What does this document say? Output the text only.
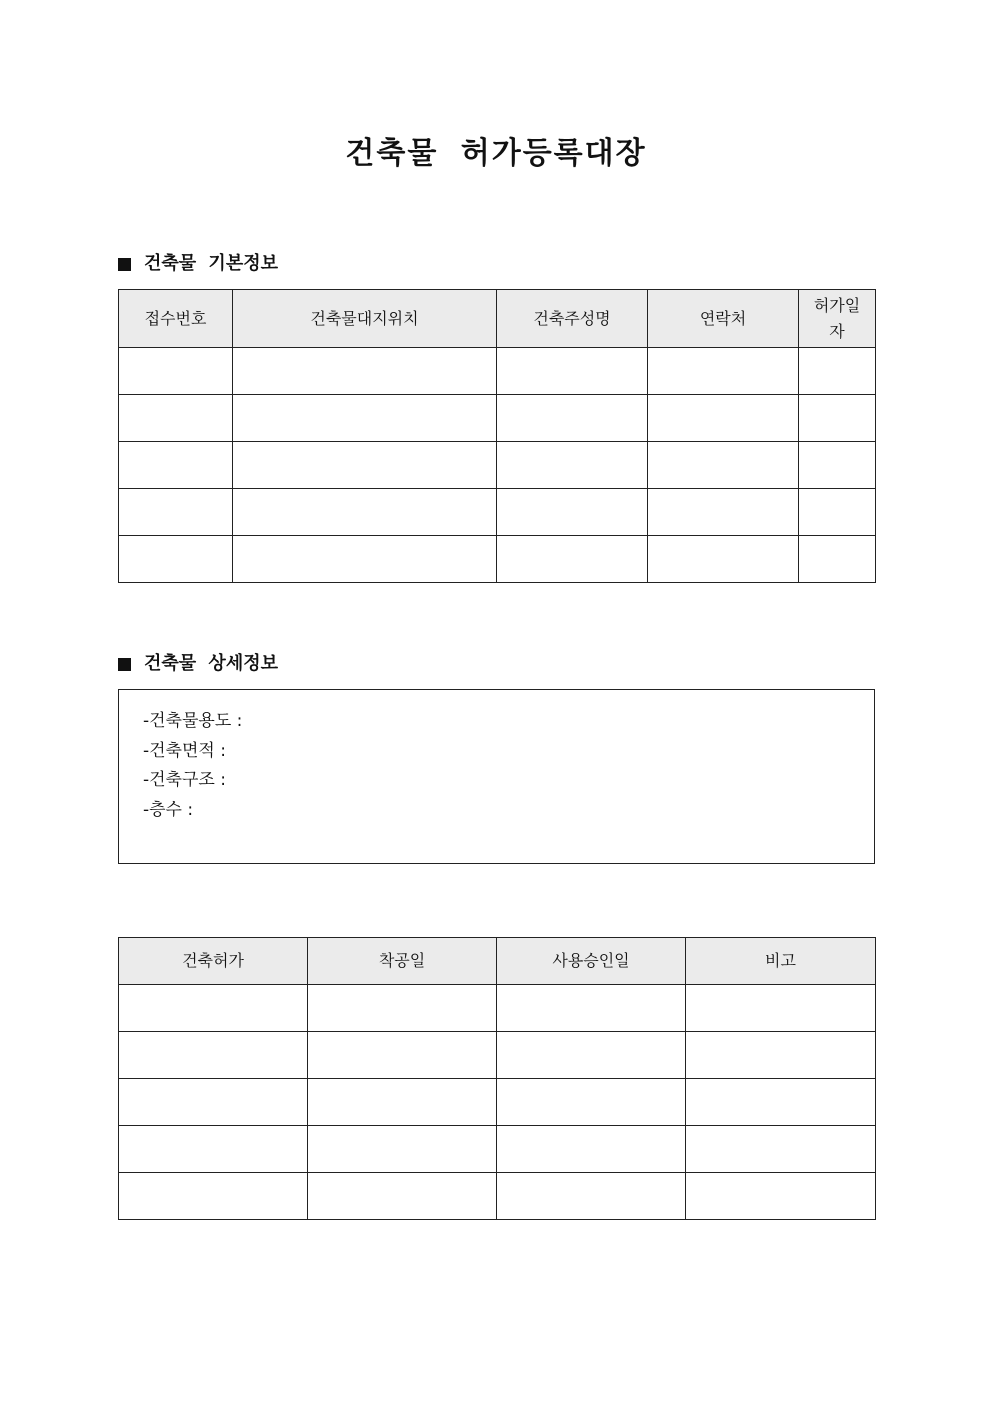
건축물 허가등록대장
건축물 기본정보
접수번호	건축물대지위치	건축주성명	연락처	허가일자

건축물 상세정보
-건축물용도 :
-건축면적 :
-건축구조 :
-층수 :
건축허가	착공일	사용승인일	비고
